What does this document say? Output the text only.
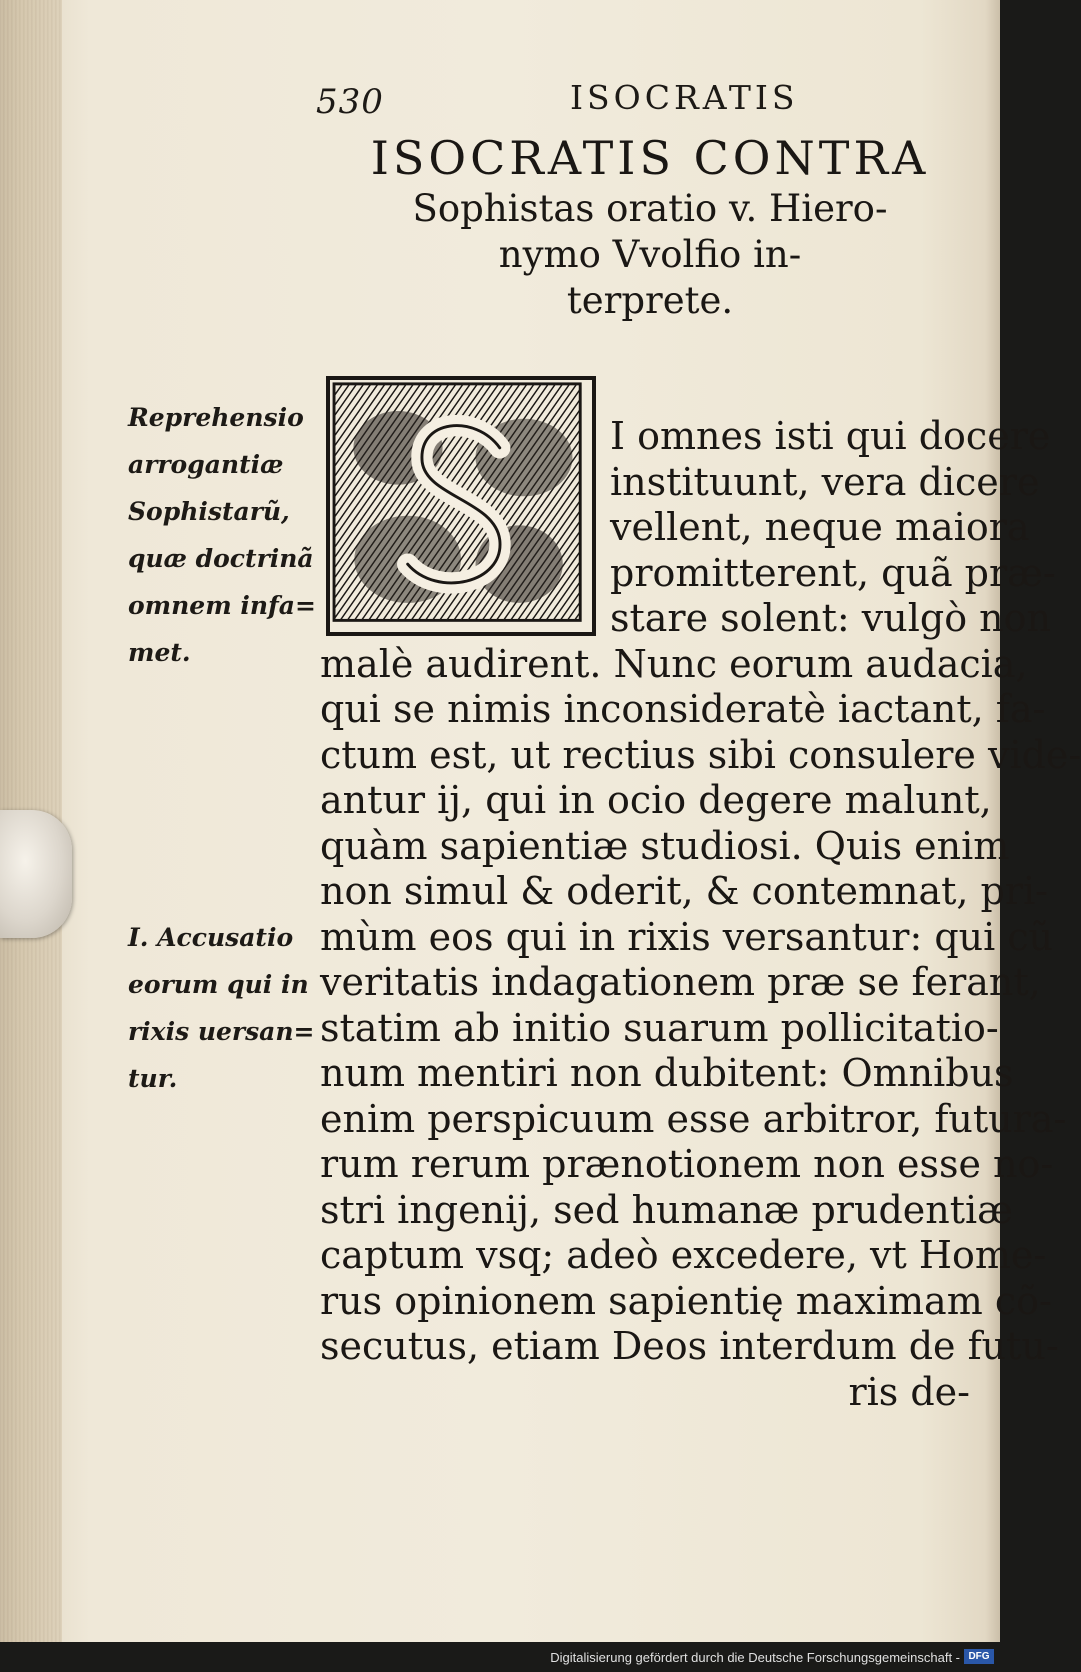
530	ISOCRATIS
ISOCRATIS CONTRA
Sophistas oratio v. Hiero-
nymo Vvolfio in-
terprete.
Reprehensio
arrogantiæ
Sophistarũ,
quæ doctrinã
omnem infa=
met.
I. Accusatio
eorum qui in
rixis uersan=
tur.
I omnes isti qui docere
instituunt, vera dicere
vellent, neque maiora
promitterent, quã præ-
stare solent: vulgò non
malè audirent. Nunc eorum audacia,
qui se nimis inconsideratè iactant, fa-
ctum est, ut rectius sibi consulere vide-
antur ij, qui in ocio degere malunt,
quàm sapientiæ studiosi. Quis enim
non simul & oderit, & contemnat, pri-
mùm eos qui in rixis versantur: qui cũ
veritatis indagationem præ se ferant,
statim ab initio suarum pollicitatio-
num mentiri non dubitent: Omnibus
enim perspicuum esse arbitror, futura-
rum rerum prænotionem non esse no-
stri ingenij, sed humanæ prudentiæ
captum vsq; adeò excedere, vt Home-
rus opinionem sapientię maximam cõ-
secutus, etiam Deos interdum de futu-
ris de-
Digitalisierung gefördert durch die Deutsche Forschungsgemeinschaft - DFG
